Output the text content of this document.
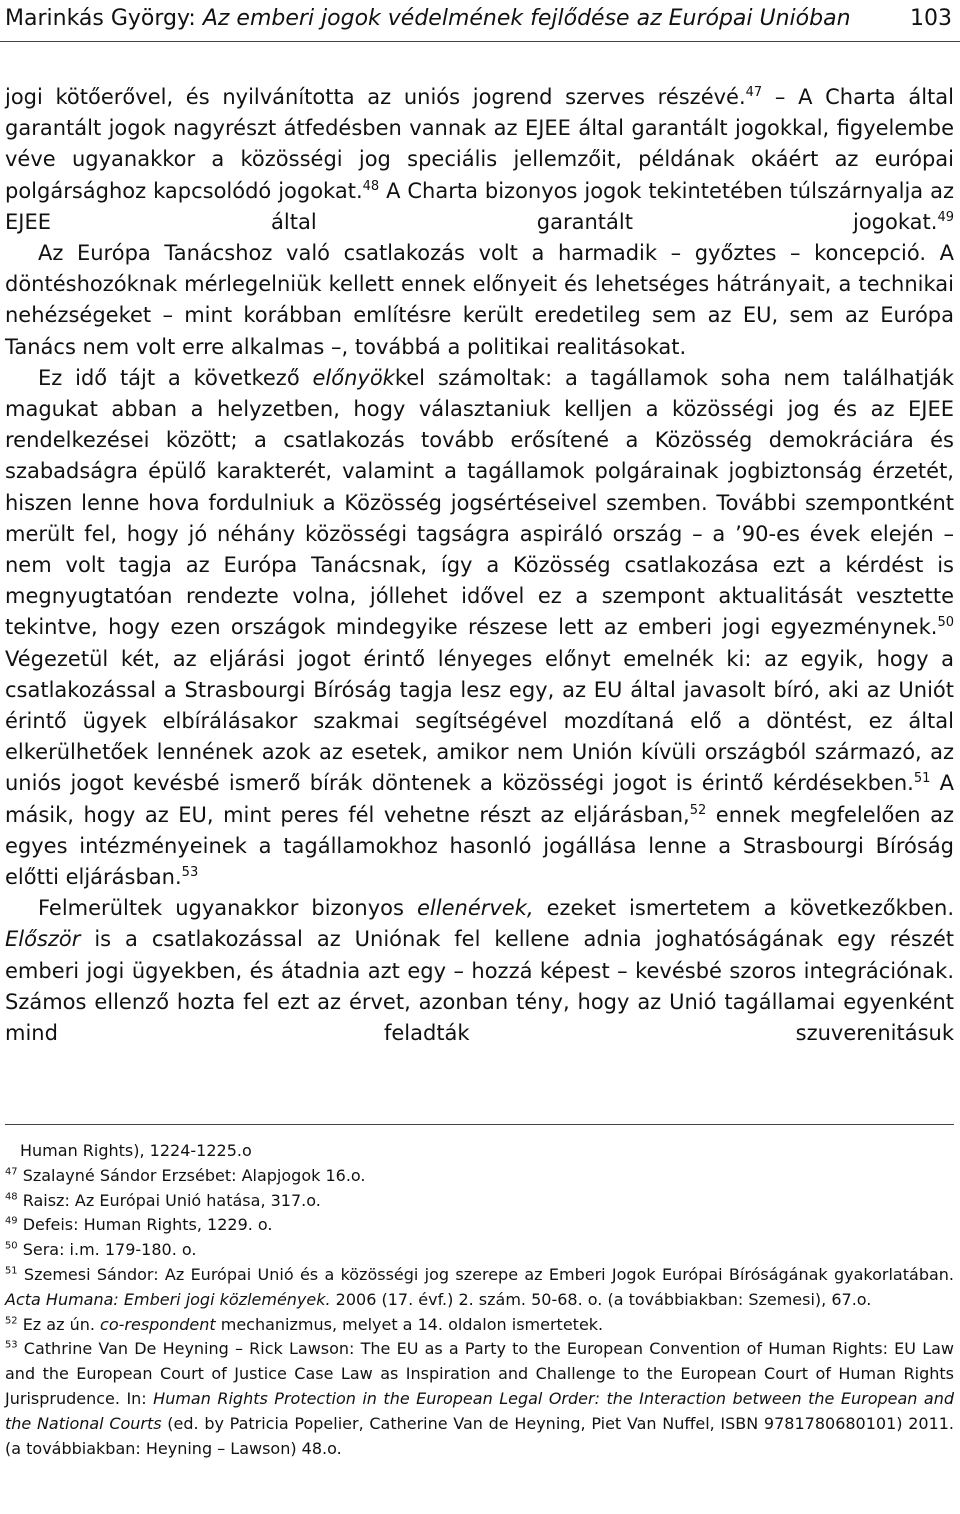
Marinkás György: Az emberi jogok védelmének fejlődése az Európai Unióban	103

jogi kötőerővel, és nyilvánította az uniós jogrend szerves részévé.$^{47}$ – A Charta által garantált jogok nagyrészt átfedésben vannak az EJEE által garantált jogokkal, figyelembe véve ugyanakkor a közösségi jog speciális jellemzőit, példának okáért az európai polgársághoz kapcsolódó jogokat.$^{48}$ A Charta bizonyos jogok tekintetében túlszárnyalja az EJEE által garantált jogokat.$^{49}$

Az Európa Tanácshoz való csatlakozás volt a harmadik – győztes – koncepció. A döntéshozóknak mérlegelniük kellett ennek előnyeit és lehetséges hátrányait, a technikai nehézségeket – mint korábban említésre került eredetileg sem az EU, sem az Európa Tanács nem volt erre alkalmas –, továbbá a politikai realitásokat.

Ez idő tájt a következő előnyökkel számoltak: a tagállamok soha nem találhatják magukat abban a helyzetben, hogy választaniuk kelljen a közösségi jog és az EJEE rendelkezései között; a csatlakozás tovább erősítené a Közösség demokráciára és szabadságra épülő karakterét, valamint a tagállamok polgárainak jogbiztonság érzetét, hiszen lenne hova fordulniuk a Közösség jogsértéseivel szemben. További szempontként merült fel, hogy jó néhány közösségi tagságra aspiráló ország – a ’90-es évek elején – nem volt tagja az Európa Tanácsnak, így a Közösség csatlakozása ezt a kérdést is megnyugtatóan rendezte volna, jóllehet idővel ez a szempont aktualitását vesztette tekintve, hogy ezen országok mindegyike részese lett az emberi jogi egyezménynek.$^{50}$ Végezetül két, az eljárási jogot érintő lényeges előnyt emelnék ki: az egyik, hogy a csatlakozással a Strasbourgi Bíróság tagja lesz egy, az EU által javasolt bíró, aki az Uniót érintő ügyek elbírálásakor szakmai segítségével mozdítaná elő a döntést, ez által elkerülhetőek lennének azok az esetek, amikor nem Unión kívüli országból származó, az uniós jogot kevésbé ismerő bírák döntenek a közösségi jogot is érintő kérdésekben.$^{51}$ A másik, hogy az EU, mint peres fél vehetne részt az eljárásban,$^{52}$ ennek megfelelően az egyes intézményeinek a tagállamokhoz hasonló jogállása lenne a Strasbourgi Bíróság előtti eljárásban.$^{53}$

Felmerültek ugyanakkor bizonyos ellenérvek, ezeket ismertetem a következőkben. Először is a csatlakozással az Uniónak fel kellene adnia joghatóságának egy részét emberi jogi ügyekben, és átadnia azt egy – hozzá képest – kevésbé szoros integrációnak. Számos ellenző hozta fel ezt az érvet, azonban tény, hogy az Unió tagállamai egyenként mind feladták szuverenitásuk

Human Rights), 1224-1225.o

$^{47}$ Szalayné Sándor Erzsébet: Alapjogok 16.o.

$^{48}$ Raisz: Az Európai Unió hatása, 317.o.

$^{49}$ Defeis: Human Rights, 1229. o.

$^{50}$ Sera: i.m. 179-180. o.

$^{51}$ Szemesi Sándor: Az Európai Unió és a közösségi jog szerepe az Emberi Jogok Európai Bíróságának gyakorlatában. Acta Humana: Emberi jogi közlemények. 2006 (17. évf.) 2. szám. 50-68. o. (a továbbiakban: Szemesi), 67.o.

$^{52}$ Ez az ún. co-respondent mechanizmus, melyet a 14. oldalon ismertetek.

$^{53}$ Cathrine Van De Heyning – Rick Lawson: The EU as a Party to the European Convention of Human Rights: EU Law and the European Court of Justice Case Law as Inspiration and Challenge to the European Court of Human Rights Jurisprudence. In: Human Rights Protection in the European Legal Order: the Interaction between the European and the National Courts (ed. by Patricia Popelier, Catherine Van de Heyning, Piet Van Nuffel, ISBN 9781780680101) 2011. (a továbbiakban: Heyning – Lawson) 48.o.
